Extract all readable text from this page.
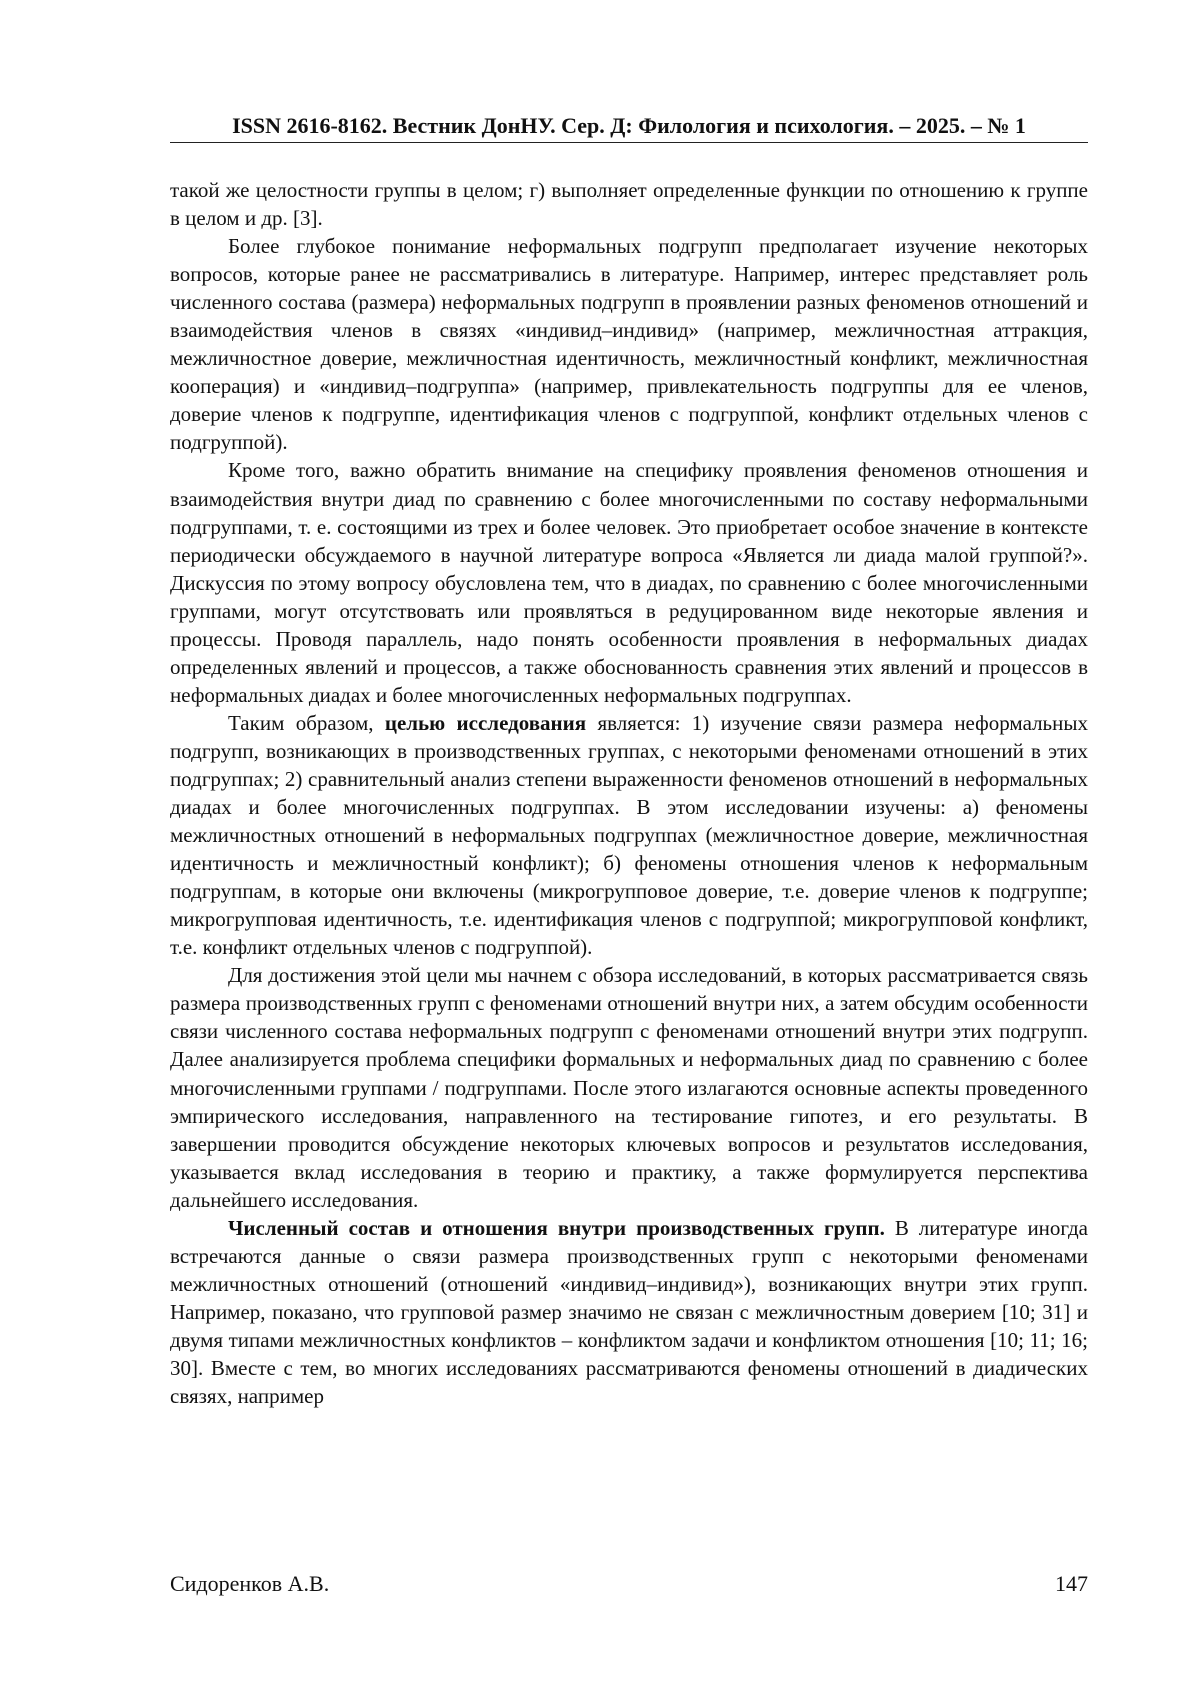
ISSN 2616-8162. Вестник ДонНУ. Сер. Д: Филология и психология. – 2025. – № 1

такой же целостности группы в целом; г) выполняет определенные функции по отношению к группе в целом и др. [3].

Более глубокое понимание неформальных подгрупп предполагает изучение некоторых вопросов, которые ранее не рассматривались в литературе. Например, интерес представляет роль численного состава (размера) неформальных подгрупп в проявлении разных феноменов отношений и взаимодействия членов в связях «индивид–индивид» (например, межличностная аттракция, межличностное доверие, межличностная идентичность, межличностный конфликт, межличностная кооперация) и «индивид–подгруппа» (например, привлекательность подгруппы для ее членов, доверие членов к подгруппе, идентификация членов с подгруппой, конфликт отдельных членов с подгруппой).

Кроме того, важно обратить внимание на специфику проявления феноменов отношения и взаимодействия внутри диад по сравнению с более многочисленными по составу неформальными подгруппами, т. е. состоящими из трех и более человек. Это приобретает особое значение в контексте периодически обсуждаемого в научной литературе вопроса «Является ли диада малой группой?». Дискуссия по этому вопросу обусловлена тем, что в диадах, по сравнению с более многочисленными группами, могут отсутствовать или проявляться в редуцированном виде некоторые явления и процессы. Проводя параллель, надо понять особенности проявления в неформальных диадах определенных явлений и процессов, а также обоснованность сравнения этих явлений и процессов в неформальных диадах и более многочисленных неформальных подгруппах.

Таким образом, целью исследования является: 1) изучение связи размера неформальных подгрупп, возникающих в производственных группах, с некоторыми феноменами отношений в этих подгруппах; 2) сравнительный анализ степени выраженности феноменов отношений в неформальных диадах и более многочисленных подгруппах. В этом исследовании изучены: а) феномены межличностных отношений в неформальных подгруппах (межличностное доверие, межличностная идентичность и межличностный конфликт); б) феномены отношения членов к неформальным подгруппам, в которые они включены (микрогрупповое доверие, т.е. доверие членов к подгруппе; микрогрупповая идентичность, т.е. идентификация членов с подгруппой; микрогрупповой конфликт, т.е. конфликт отдельных членов с подгруппой).

Для достижения этой цели мы начнем с обзора исследований, в которых рассматривается связь размера производственных групп с феноменами отношений внутри них, а затем обсудим особенности связи численного состава неформальных подгрупп с феноменами отношений внутри этих подгрупп. Далее анализируется проблема специфики формальных и неформальных диад по сравнению с более многочисленными группами / подгруппами. После этого излагаются основные аспекты проведенного эмпирического исследования, направленного на тестирование гипотез, и его результаты. В завершении проводится обсуждение некоторых ключевых вопросов и результатов исследования, указывается вклад исследования в теорию и практику, а также формулируется перспектива дальнейшего исследования.

Численный состав и отношения внутри производственных групп. В литературе иногда встречаются данные о связи размера производственных групп с некоторыми феноменами межличностных отношений (отношений «индивид–индивид»), возникающих внутри этих групп. Например, показано, что групповой размер значимо не связан с межличностным доверием [10; 31] и двумя типами межличностных конфликтов – конфликтом задачи и конфликтом отношения [10; 11; 16; 30]. Вместе с тем, во многих исследованиях рассматриваются феномены отношений в диадических связях, например

Сидоренков А.В.	147
